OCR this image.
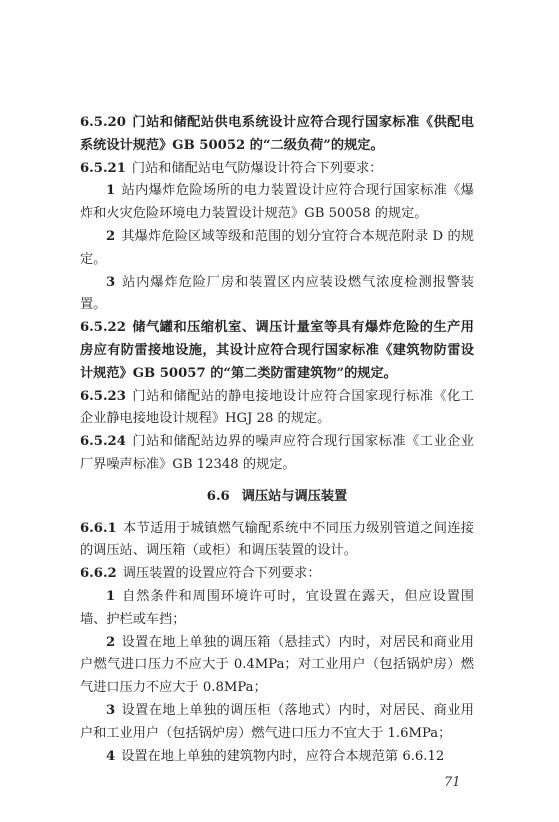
6.5.20 门站和储配站供电系统设计应符合现行国家标准《供配电系统设计规范》GB 50052 的“二级负荷”的规定。

6.5.21 门站和储配站电气防爆设计符合下列要求：

1 站内爆炸危险场所的电力装置设计应符合现行国家标准《爆炸和火灾危险环境电力装置设计规范》GB 50058 的规定。

2 其爆炸危险区域等级和范围的划分宜符合本规范附录 D 的规定。

3 站内爆炸危险厂房和装置区内应装设燃气浓度检测报警装置。

6.5.22 储气罐和压缩机室、调压计量室等具有爆炸危险的生产用房应有防雷接地设施，其设计应符合现行国家标准《建筑物防雷设计规范》GB 50057 的“第二类防雷建筑物”的规定。

6.5.23 门站和储配站的静电接地设计应符合国家现行标准《化工企业静电接地设计规程》HGJ 28 的规定。

6.5.24 门站和储配站边界的噪声应符合现行国家标准《工业企业厂界噪声标准》GB 12348 的规定。

6.6 调压站与调压装置

6.6.1 本节适用于城镇燃气输配系统中不同压力级别管道之间连接的调压站、调压箱（或柜）和调压装置的设计。

6.6.2 调压装置的设置应符合下列要求：

1 自然条件和周围环境许可时，宜设置在露天，但应设置围墙、护栏或车挡；

2 设置在地上单独的调压箱（悬挂式）内时，对居民和商业用户燃气进口压力不应大于 0.4MPa；对工业用户（包括锅炉房）燃气进口压力不应大于 0.8MPa；

3 设置在地上单独的调压柜（落地式）内时，对居民、商业用户和工业用户（包括锅炉房）燃气进口压力不宜大于 1.6MPa；

4 设置在地上单独的建筑物内时，应符合本规范第 6.6.12

71
